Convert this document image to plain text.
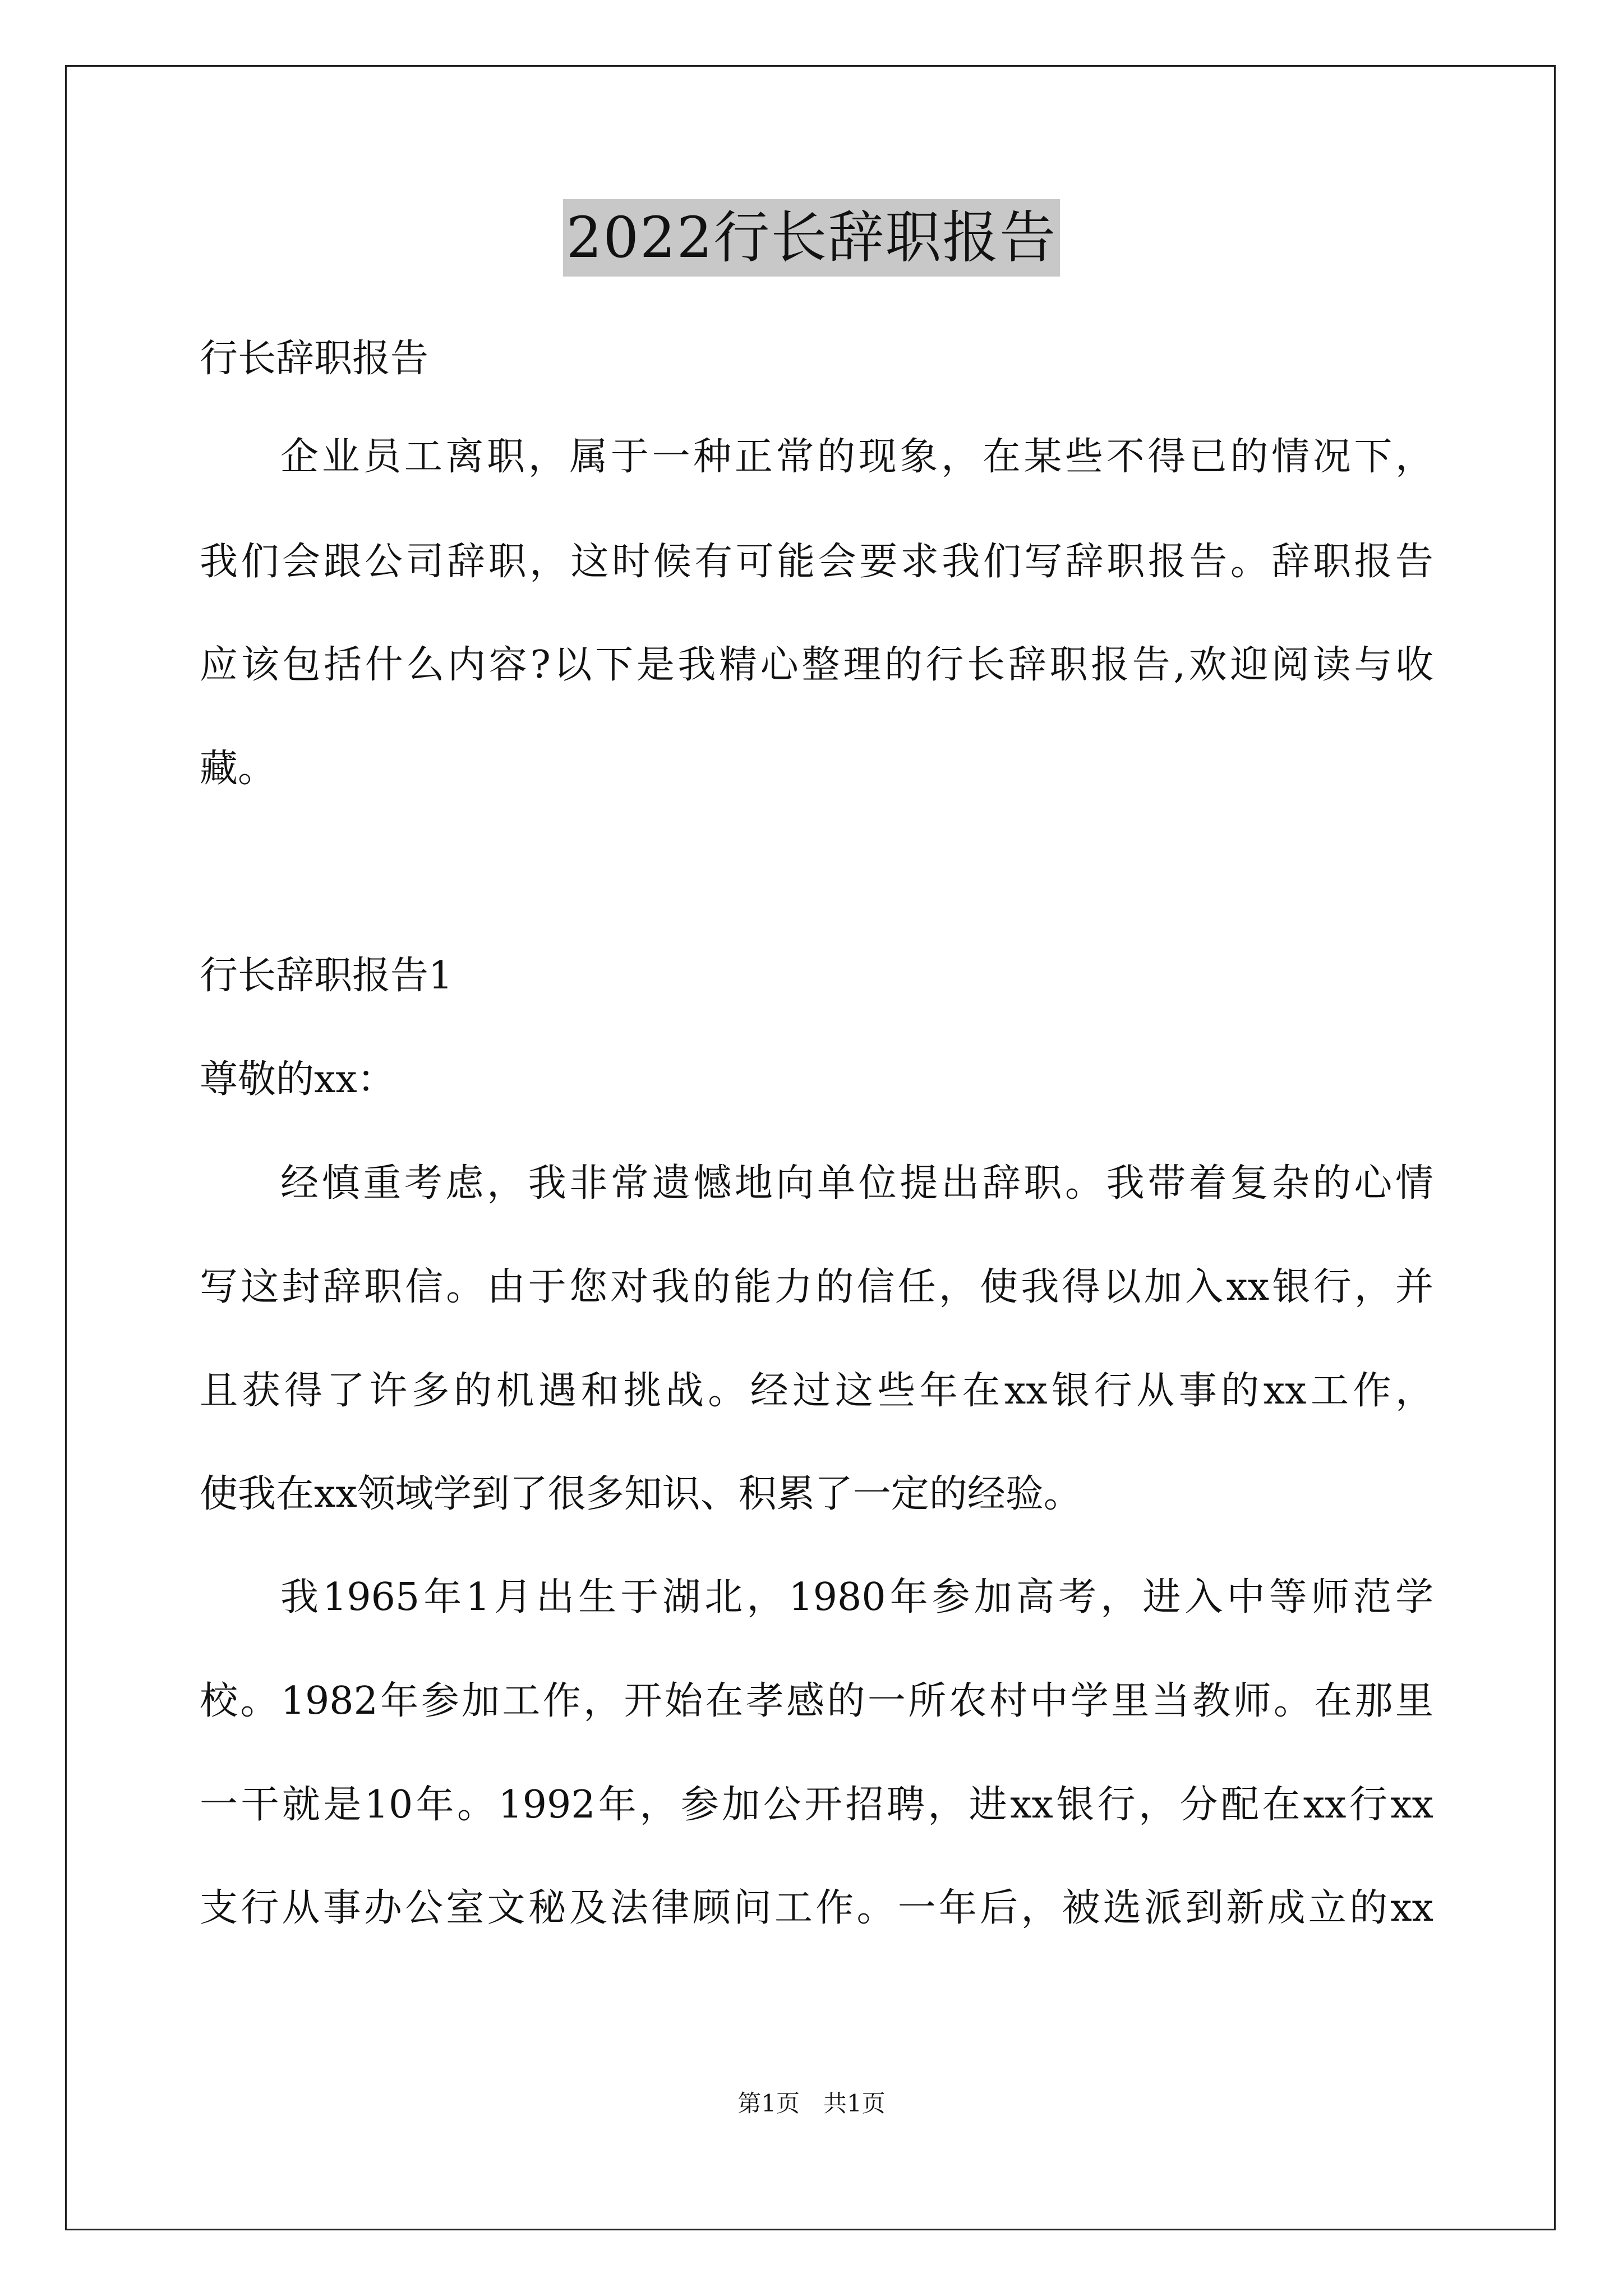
2022行长辞职报告
行长辞职报告
企业员工离职，属于一种正常的现象，在某些不得已的情况下，
我们会跟公司辞职，这时候有可能会要求我们写辞职报告。辞职报告
应该包括什么内容?以下是我精心整理的行长辞职报告,欢迎阅读与收
藏。
行长辞职报告1
尊敬的xx：
经慎重考虑，我非常遗憾地向单位提出辞职。我带着复杂的心情
写这封辞职信。由于您对我的能力的信任，使我得以加入xx银行，并
且获得了许多的机遇和挑战。经过这些年在xx银行从事的xx工作，
使我在xx领域学到了很多知识、积累了一定的经验。
我1965年1月出生于湖北，1980年参加高考，进入中等师范学
校。1982年参加工作，开始在孝感的一所农村中学里当教师。在那里
一干就是10年。1992年，参加公开招聘，进xx银行，分配在xx行xx
支行从事办公室文秘及法律顾问工作。一年后，被选派到新成立的xx
第1页　共1页
